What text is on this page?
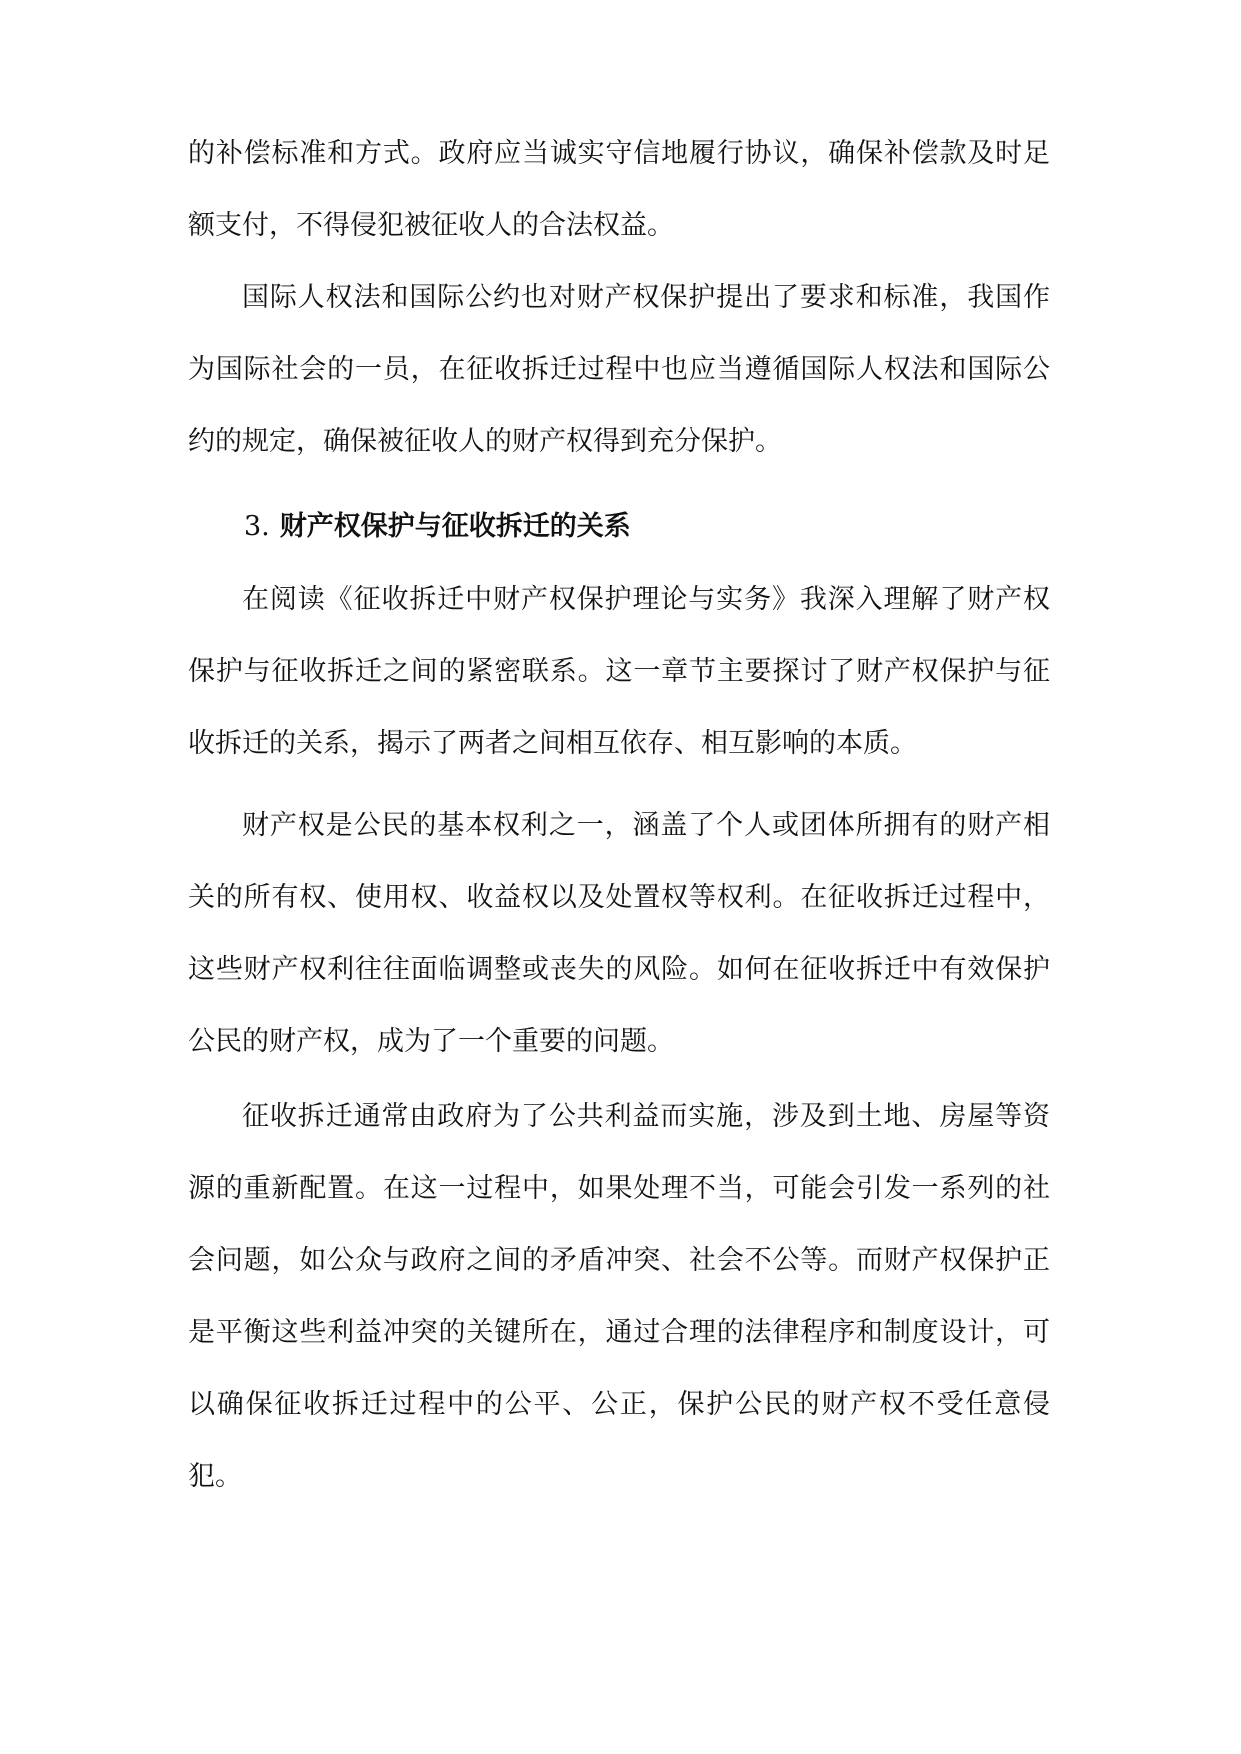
的补偿标准和方式。政府应当诚实守信地履行协议，确保补偿款及时足额支付，不得侵犯被征收人的合法权益。

国际人权法和国际公约也对财产权保护提出了要求和标准，我国作为国际社会的一员，在征收拆迁过程中也应当遵循国际人权法和国际公约的规定，确保被征收人的财产权得到充分保护。

3. 财产权保护与征收拆迁的关系

在阅读《征收拆迁中财产权保护理论与实务》我深入理解了财产权保护与征收拆迁之间的紧密联系。这一章节主要探讨了财产权保护与征收拆迁的关系，揭示了两者之间相互依存、相互影响的本质。

财产权是公民的基本权利之一，涵盖了个人或团体所拥有的财产相关的所有权、使用权、收益权以及处置权等权利。在征收拆迁过程中，这些财产权利往往面临调整或丧失的风险。如何在征收拆迁中有效保护公民的财产权，成为了一个重要的问题。

征收拆迁通常由政府为了公共利益而实施，涉及到土地、房屋等资源的重新配置。在这一过程中，如果处理不当，可能会引发一系列的社会问题，如公众与政府之间的矛盾冲突、社会不公等。而财产权保护正是平衡这些利益冲突的关键所在，通过合理的法律程序和制度设计，可以确保征收拆迁过程中的公平、公正，保护公民的财产权不受任意侵犯。
